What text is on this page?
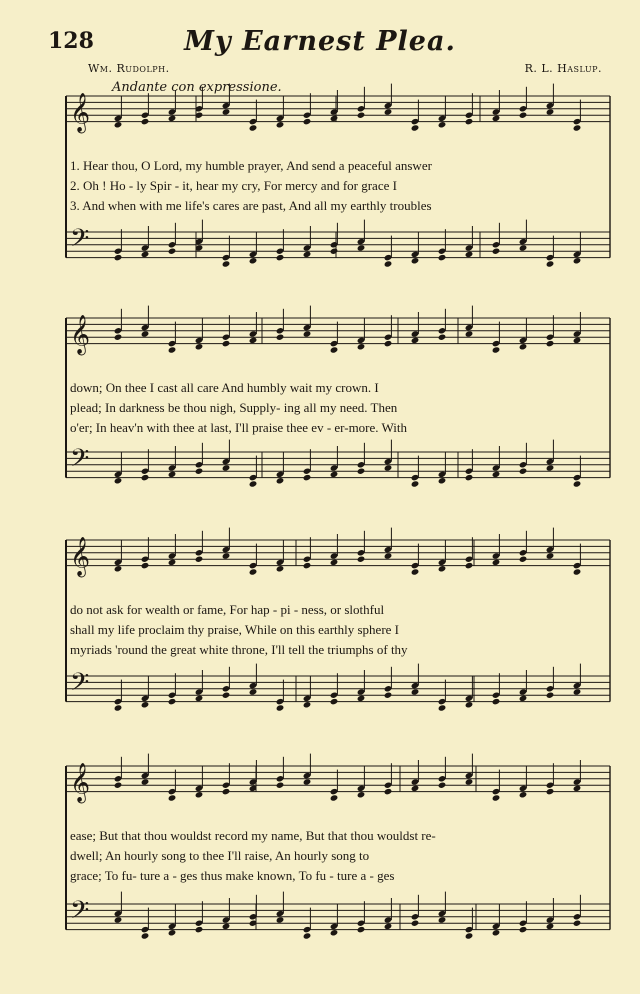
128	My Earnest Plea.
Wm. Rudolph.	R. L. Haslup.
Andante con expressione.
𝄞
𝄢
𝄞
𝄢
𝄞
𝄢
𝄞
𝄢
1. Hear thou, O Lord, my humble prayer, And send a peaceful answer
2. Oh ! Ho - ly Spir - it, hear my cry, For mercy and for grace I
3. And when with me life's cares are past, And all my earthly troubles
down; On thee I cast all care And humbly wait my crown. I
plead; In darkness be thou nigh, Supply- ing all my need. Then
o'er; In heav'n with thee at last, I'll praise thee ev - er-more. With
do not ask for wealth or fame, For hap - pi - ness, or slothful
shall my life proclaim thy praise, While on this earthly sphere I
myriads 'round the great white throne, I'll tell the triumphs of thy
ease; But that thou wouldst record my name, But that thou wouldst re-
dwell; An hourly song to thee I'll raise, An hourly song to
grace; To fu- ture a - ges thus make known, To fu - ture a - ges
